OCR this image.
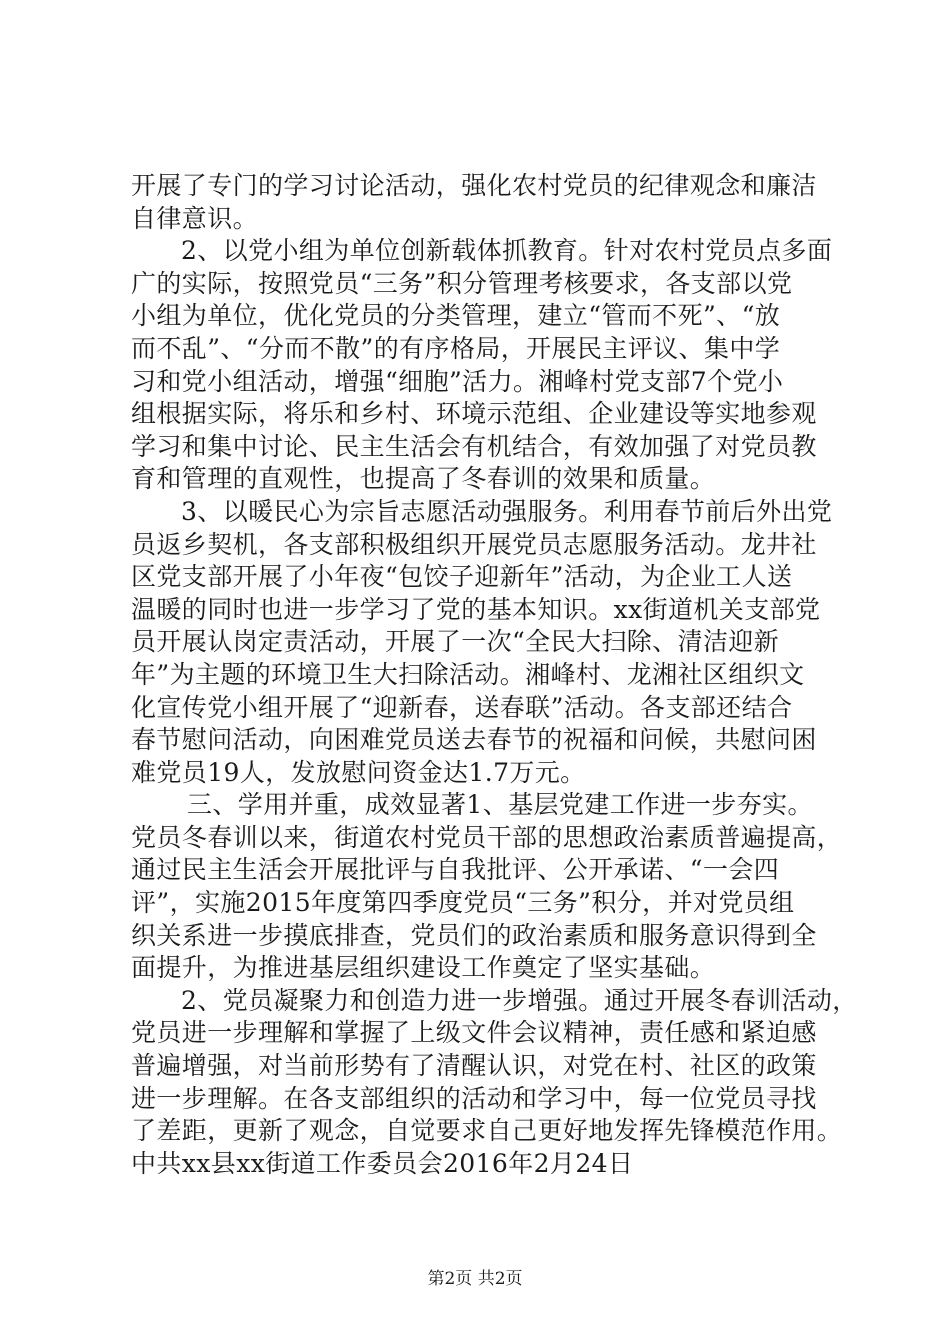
开展了专门的学习讨论活动，强化农村党员的纪律观念和廉洁
自律意识。
2、以党小组为单位创新载体抓教育。针对农村党员点多面
广的实际，按照党员“三务”积分管理考核要求，各支部以党
小组为单位，优化党员的分类管理，建立“管而不死”、“放
而不乱”、“分而不散”的有序格局，开展民主评议、集中学
习和党小组活动，增强“细胞”活力。湘峰村党支部7个党小
组根据实际，将乐和乡村、环境示范组、企业建设等实地参观
学习和集中讨论、民主生活会有机结合，有效加强了对党员教
育和管理的直观性，也提高了冬春训的效果和质量。
3、以暖民心为宗旨志愿活动强服务。利用春节前后外出党
员返乡契机，各支部积极组织开展党员志愿服务活动。龙井社
区党支部开展了小年夜“包饺子迎新年”活动，为企业工人送
温暖的同时也进一步学习了党的基本知识。xx街道机关支部党
员开展认岗定责活动，开展了一次“全民大扫除、清洁迎新
年”为主题的环境卫生大扫除活动。湘峰村、龙湘社区组织文
化宣传党小组开展了“迎新春，送春联”活动。各支部还结合
春节慰问活动，向困难党员送去春节的祝福和问候，共慰问困
难党员19人，发放慰问资金达1.7万元。
三、学用并重，成效显著1、基层党建工作进一步夯实。
党员冬春训以来，街道农村党员干部的思想政治素质普遍提高，
通过民主生活会开展批评与自我批评、公开承诺、“一会四
评”，实施2015年度第四季度党员“三务”积分，并对党员组
织关系进一步摸底排查，党员们的政治素质和服务意识得到全
面提升，为推进基层组织建设工作奠定了坚实基础。
2、党员凝聚力和创造力进一步增强。通过开展冬春训活动，
党员进一步理解和掌握了上级文件会议精神，责任感和紧迫感
普遍增强，对当前形势有了清醒认识，对党在村、社区的政策
进一步理解。在各支部组织的活动和学习中，每一位党员寻找
了差距，更新了观念，自觉要求自己更好地发挥先锋模范作用。
中共xx县xx街道工作委员会2016年2月24日
第2页 共2页
